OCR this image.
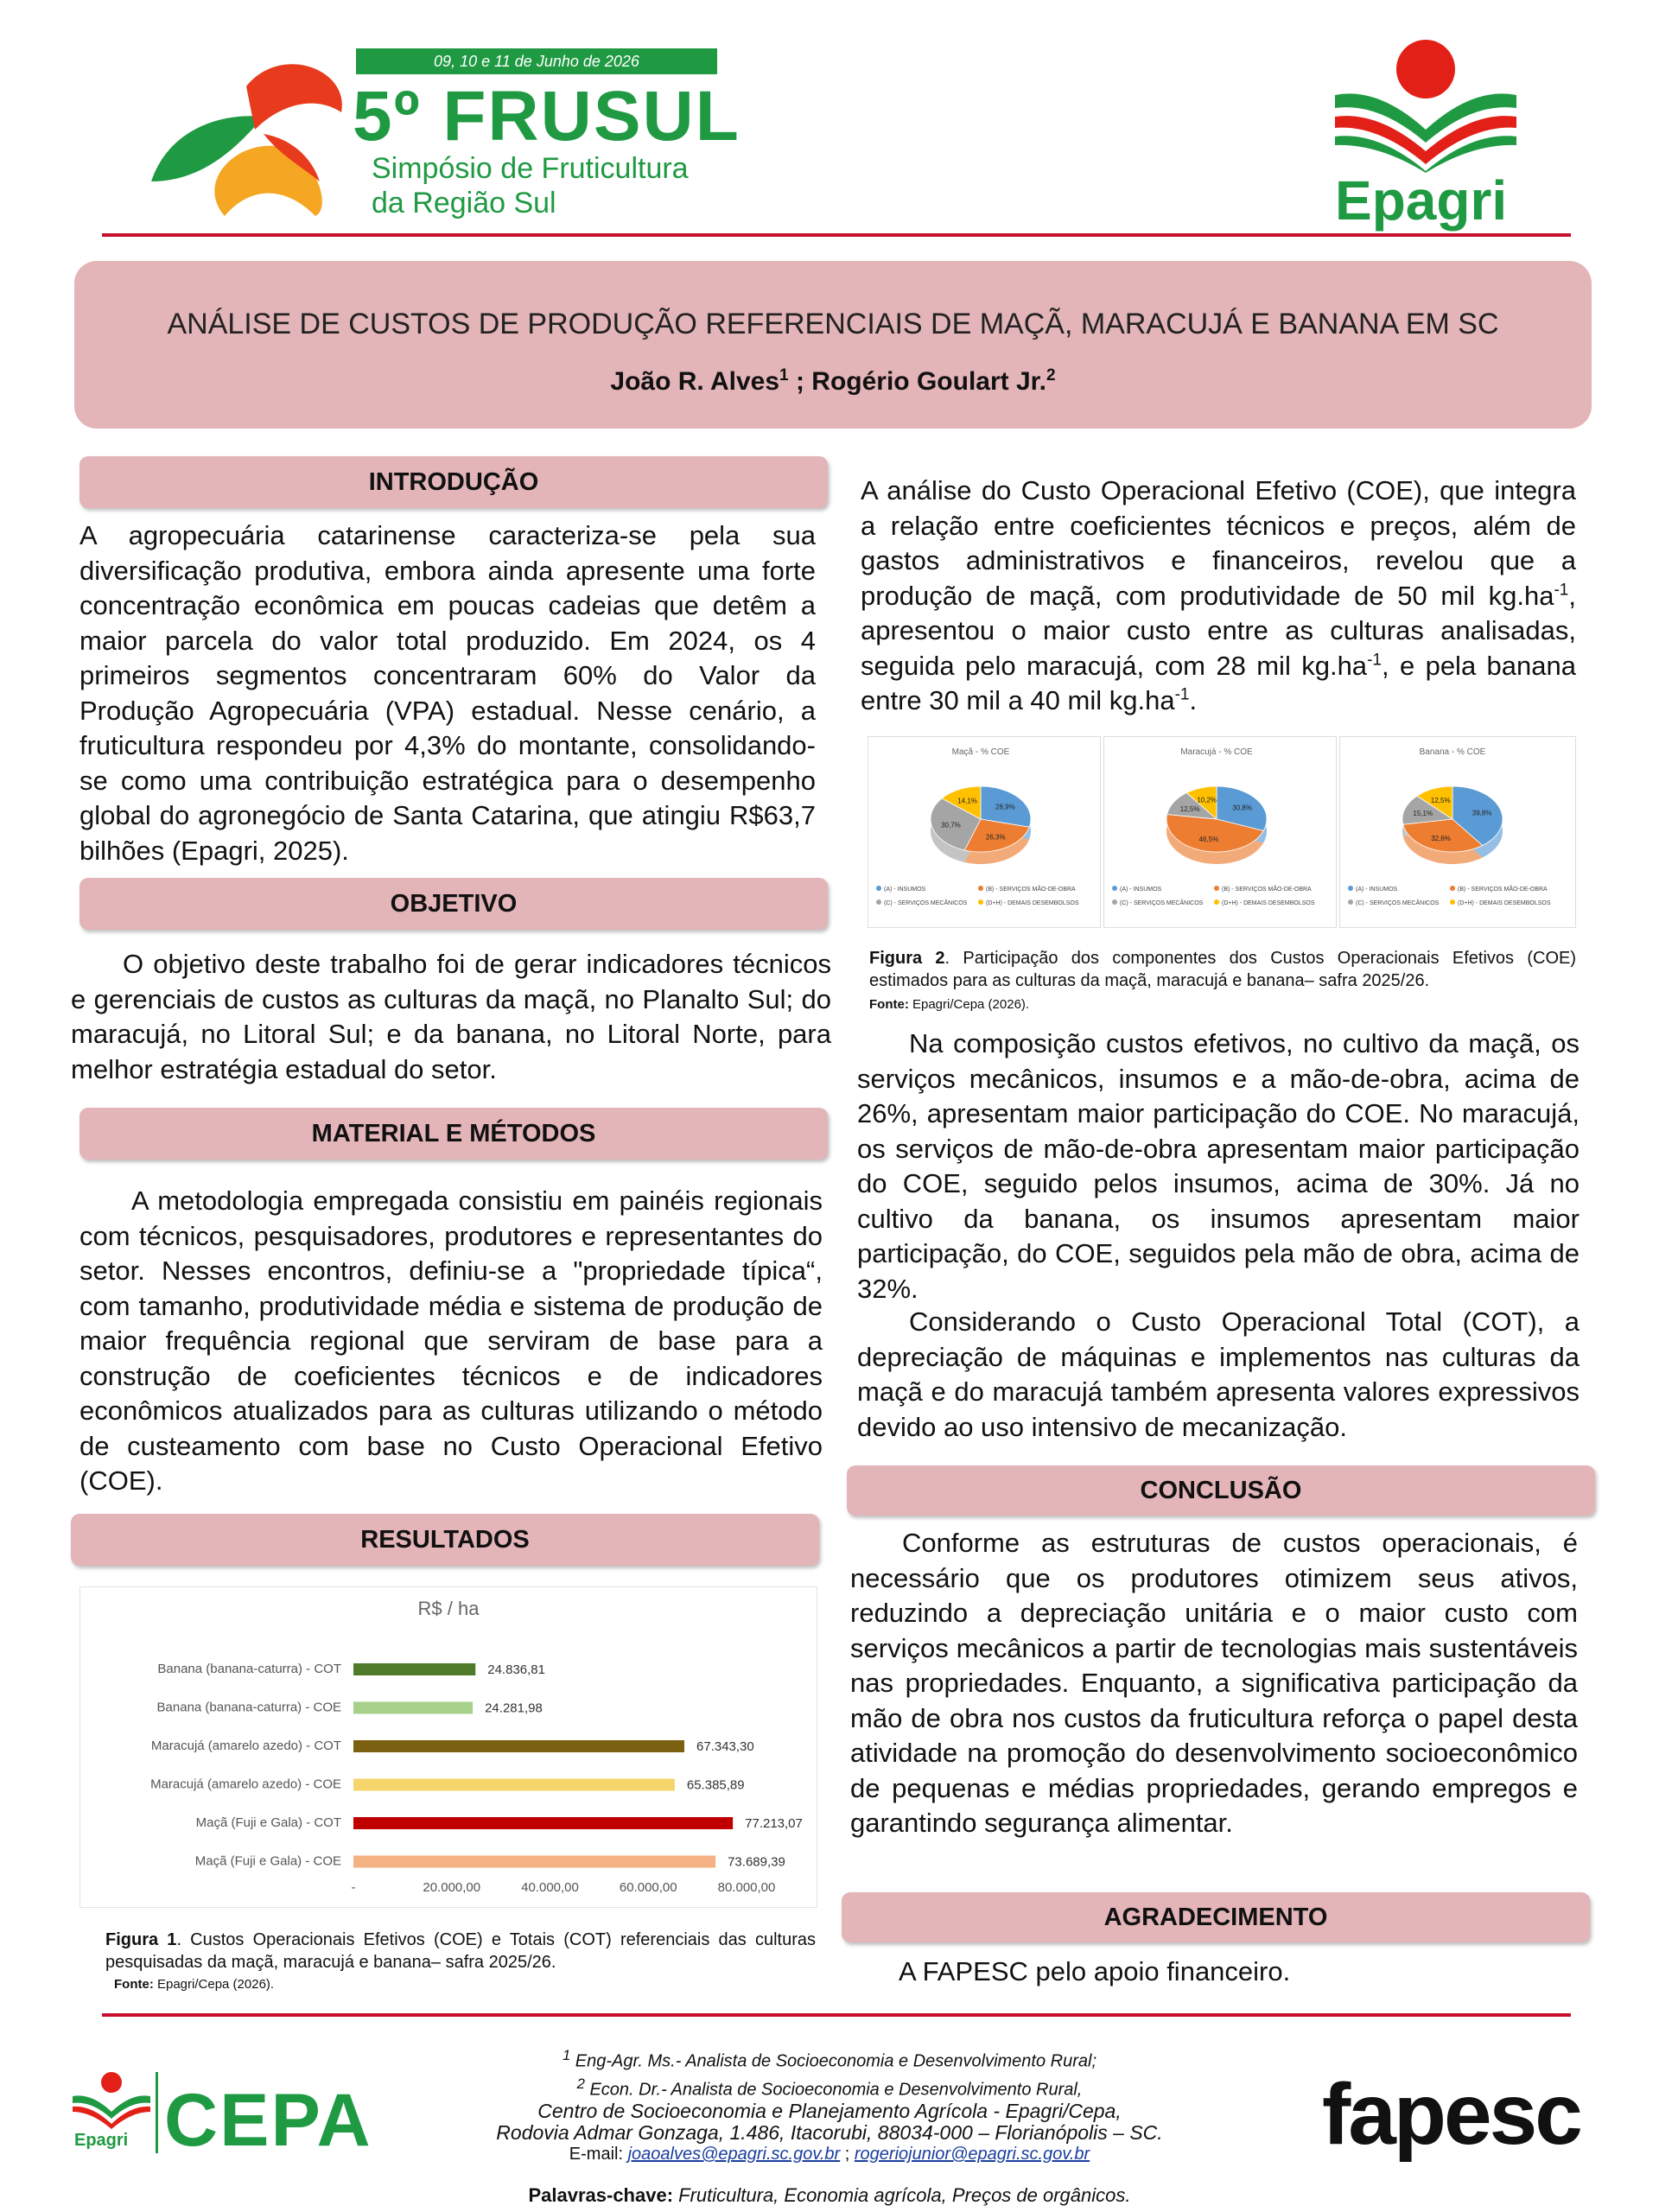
09, 10 e 11 de Junho de 2026
5º FRUSUL
Simpósio de Fruticultura
da Região Sul	Epagri
ANÁLISE DE CUSTOS DE PRODUÇÃO REFERENCIAIS DE MAÇÃ, MARACUJÁ E BANANA EM SC
João R. Alves$^1$ ; Rogério Goulart Jr.$^2$
INTRODUÇÃO
A agropecuária catarinense caracteriza-se pela sua diversificação produtiva, embora ainda apresente uma forte concentração econômica em poucas cadeias que detêm a maior parcela do valor total produzido. Em 2024, os 4 primeiros segmentos concentraram 60% do Valor da Produção Agropecuária (VPA) estadual. Nesse cenário, a fruticultura respondeu por 4,3% do montante, consolidando-se como uma contribuição estratégica para o desempenho global do agronegócio de Santa Catarina, que atingiu R$63,7 bilhões (Epagri, 2025).
OBJETIVO
O objetivo deste trabalho foi de gerar indicadores técnicos e gerenciais de custos as culturas da maçã, no Planalto Sul; do maracujá, no Litoral Sul; e da banana, no Litoral Norte, para melhor estratégia estadual do setor.
MATERIAL E MÉTODOS
A metodologia empregada consistiu em painéis regionais com técnicos, pesquisadores, produtores e representantes do setor. Nesses encontros, definiu-se a "propriedade típica“, com tamanho, produtividade média e sistema de produção de maior frequência regional que serviram de base para a construção de coeficientes técnicos e de indicadores econômicos atualizados para as culturas utilizando o método de custeamento com base no Custo Operacional Efetivo (COE).
RESULTADOS
R$ / ha
Banana (banana-caturra) - COT	24.836,81
Banana (banana-caturra) - COE	24.281,98
Maracujá (amarelo azedo) - COT	67.343,30
Maracujá (amarelo azedo) - COE	65.385,89
Maçã (Fuji e Gala) - COT	77.213,07
Maçã (Fuji e Gala) - COE	73.689,39
-	20.000,00	40.000,00	60.000,00	80.000,00
Figura 1. Custos Operacionais Efetivos (COE) e Totais (COT) referenciais das culturas pesquisadas da maçã, maracujá e banana– safra 2025/26.
Fonte: Epagri/Cepa (2026).
A análise do Custo Operacional Efetivo (COE), que integra a relação entre coeficientes técnicos e preços, além de gastos administrativos e financeiros, revelou que a produção de maçã, com produtividade de 50 mil $kg.ha^{-1}$, apresentou o maior custo entre as culturas analisadas, seguida pelo maracujá, com 28 mil $kg.ha^{-1}$, e pela banana entre 30 mil a 40 mil $kg.ha^{-1}$.
Maçã - % COE
28,9%
26,3%
30,7%
14,1%
(A) - INSUMOS	(B) - SERVIÇOS MÃO-DE-OBRA
(C) - SERVIÇOS MECÂNICOS	(D+H) - DEMAIS DESEMBOLSOS
Maracujá - % COE
30,8%
46,5%
12,5%
10,2%
(A) - INSUMOS	(B) - SERVIÇOS MÃO-DE-OBRA
(C) - SERVIÇOS MECÂNICOS	(D+H) - DEMAIS DESEMBOLSOS
Banana - % COE
39,8%
32,6%
15,1%
12,5%
(A) - INSUMOS	(B) - SERVIÇOS MÃO-DE-OBRA
(C) - SERVIÇOS MECÂNICOS	(D+H) - DEMAIS DESEMBOLSOS
Figura 2. Participação dos componentes dos Custos Operacionais Efetivos (COE) estimados para as culturas da maçã, maracujá e banana– safra 2025/26.
Fonte: Epagri/Cepa (2026).
Na composição custos efetivos, no cultivo da maçã, os serviços mecânicos, insumos e a mão-de-obra, acima de 26%, apresentam maior participação do COE. No maracujá, os serviços de mão-de-obra apresentam maior participação do COE, seguido pelos insumos, acima de 30%. Já no cultivo da banana, os insumos apresentam maior participação, do COE, seguidos pela mão de obra, acima de 32%.
Considerando o Custo Operacional Total (COT), a depreciação de máquinas e implementos nas culturas da maçã e do maracujá também apresenta valores expressivos devido ao uso intensivo de mecanização.
CONCLUSÃO
Conforme as estruturas de custos operacionais, é necessário que os produtores otimizem seus ativos, reduzindo a depreciação unitária e o maior custo com serviços mecânicos a partir de tecnologias mais sustentáveis nas propriedades. Enquanto, a significativa participação da mão de obra nos custos da fruticultura reforça o papel desta atividade na promoção do desenvolvimento socioeconômico de pequenas e médias propriedades, gerando empregos e garantindo segurança alimentar.
AGRADECIMENTO
A FAPESC pelo apoio financeiro.
Epagri CEPA
$^1$ Eng-Agr. Ms.- Analista de Socioeconomia e Desenvolvimento Rural;
$^2$ Econ. Dr.- Analista de Socioeconomia e Desenvolvimento Rural,
Centro de Socioeconomia e Planejamento Agrícola - Epagri/Cepa,
Rodovia Admar Gonzaga, 1.486, Itacorubi, 88034-000 – Florianópolis – SC.
E-mail: joaoalves@epagri.sc.gov.br ; rogeriojunior@epagri.sc.gov.br	fapesc
Palavras-chave: Fruticultura, Economia agrícola, Preços de orgânicos.
